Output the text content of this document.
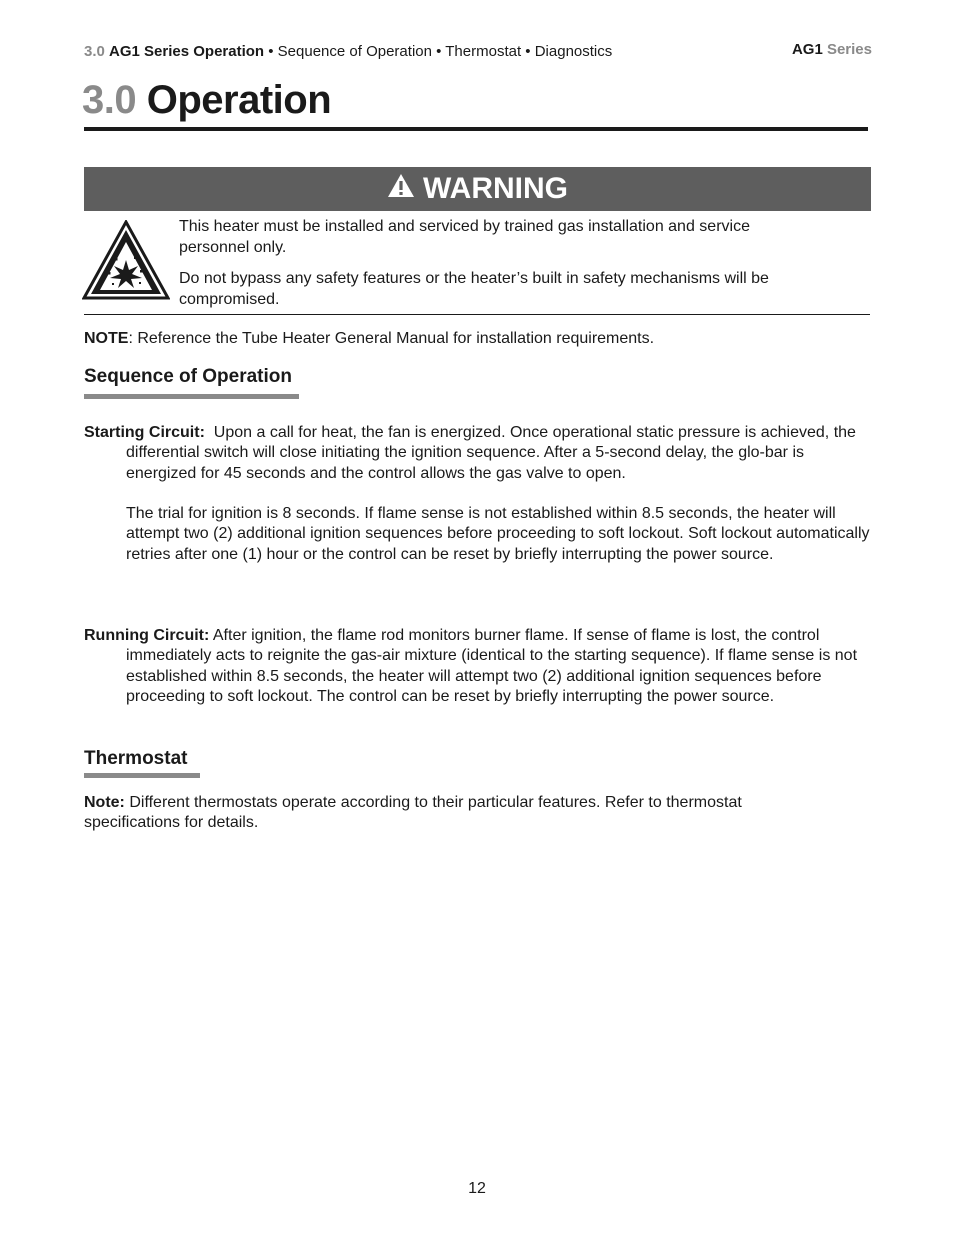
3.0 AG1 Series Operation • Sequence of Operation • Thermostat • Diagnostics	AG1 Series
3.0 Operation
WARNING

This heater must be installed and serviced by trained gas installation and service personnel only.

Do not bypass any safety features or the heater’s built in safety mechanisms will be compromised.

NOTE: Reference the Tube Heater General Manual for installation requirements.
Sequence of Operation
Starting Circuit: Upon a call for heat, the fan is energized. Once operational static pressure is achieved, the differential switch will close initiating the ignition sequence. After a 5-second delay, the glo-bar is energized for 45 seconds and the control allows the gas valve to open.
The trial for ignition is 8 seconds. If flame sense is not established within 8.5 seconds, the heater will attempt two (2) additional ignition sequences before proceeding to soft lockout. Soft lockout automatically retries after one (1) hour or the control can be reset by briefly interrupting the power source.
Running Circuit: After ignition, the flame rod monitors burner flame. If sense of flame is lost, the control immediately acts to reignite the gas-air mixture (identical to the starting sequence). If flame sense is not established within 8.5 seconds, the heater will attempt two (2) additional ignition sequences before proceeding to soft lockout. The control can be reset by briefly interrupting the power source.
Thermostat
Note: Different thermostats operate according to their particular features. Refer to thermostat specifications for details.
12
